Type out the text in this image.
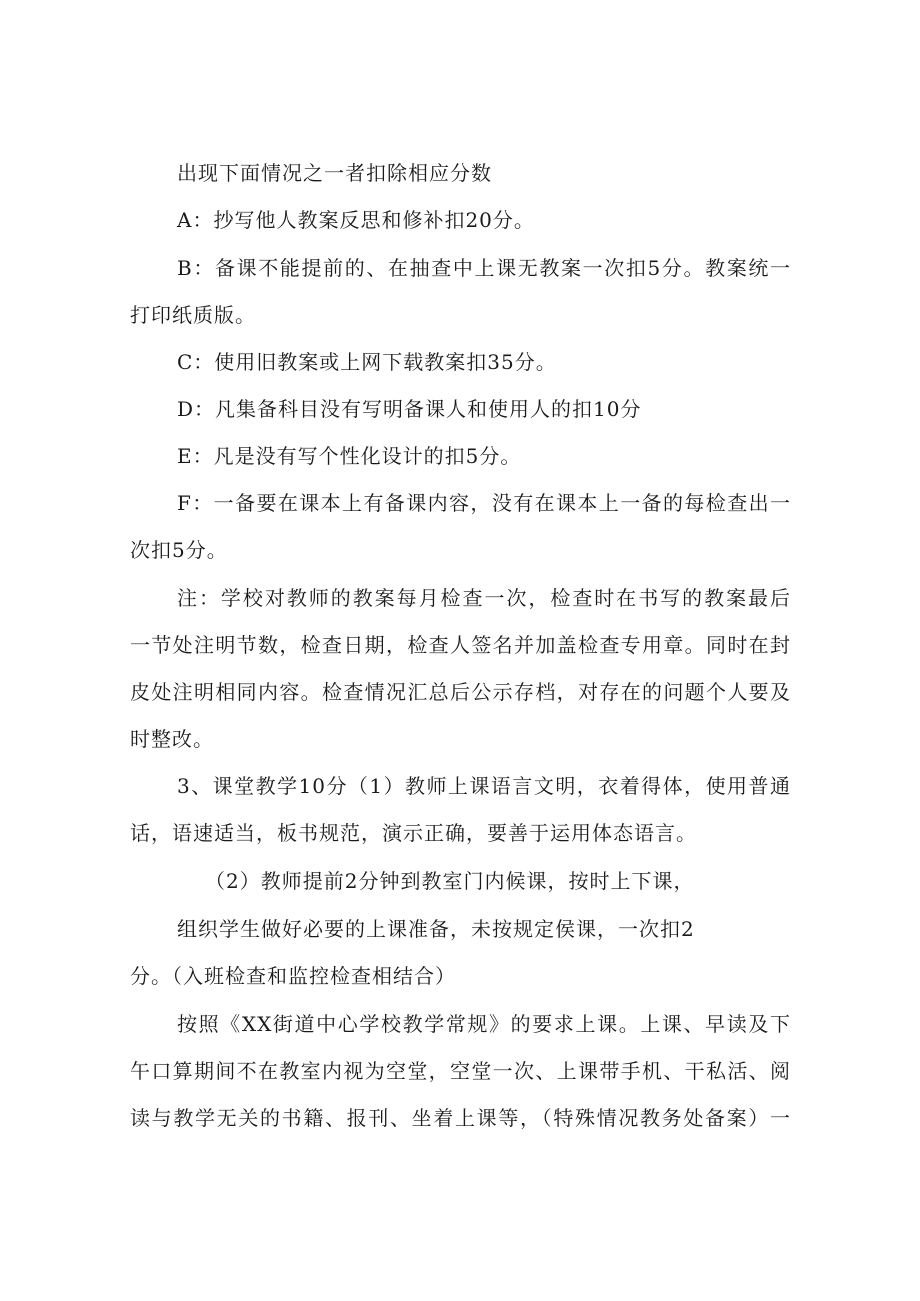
出现下面情况之一者扣除相应分数
A：抄写他人教案反思和修补扣20分。
B：备课不能提前的、在抽查中上课无教案一次扣5分。教案统一
打印纸质版。
C：使用旧教案或上网下载教案扣35分。
D：凡集备科目没有写明备课人和使用人的扣10分
E：凡是没有写个性化设计的扣5分。
F：一备要在课本上有备课内容，没有在课本上一备的每检查出一
次扣5分。
注：学校对教师的教案每月检查一次，检查时在书写的教案最后
一节处注明节数，检查日期，检查人签名并加盖检查专用章。同时在封
皮处注明相同内容。检查情况汇总后公示存档，对存在的问题个人要及
时整改。
3、课堂教学10分（1）教师上课语言文明，衣着得体，使用普通
话，语速适当，板书规范，演示正确，要善于运用体态语言。
（2）教师提前2分钟到教室门内候课，按时上下课，
组织学生做好必要的上课准备，未按规定侯课，一次扣2
分。（入班检查和监控检查相结合）
按照《XX街道中心学校教学常规》的要求上课。上课、早读及下
午口算期间不在教室内视为空堂，空堂一次、上课带手机、干私活、阅
读与教学无关的书籍、报刊、坐着上课等，（特殊情况教务处备案）一
